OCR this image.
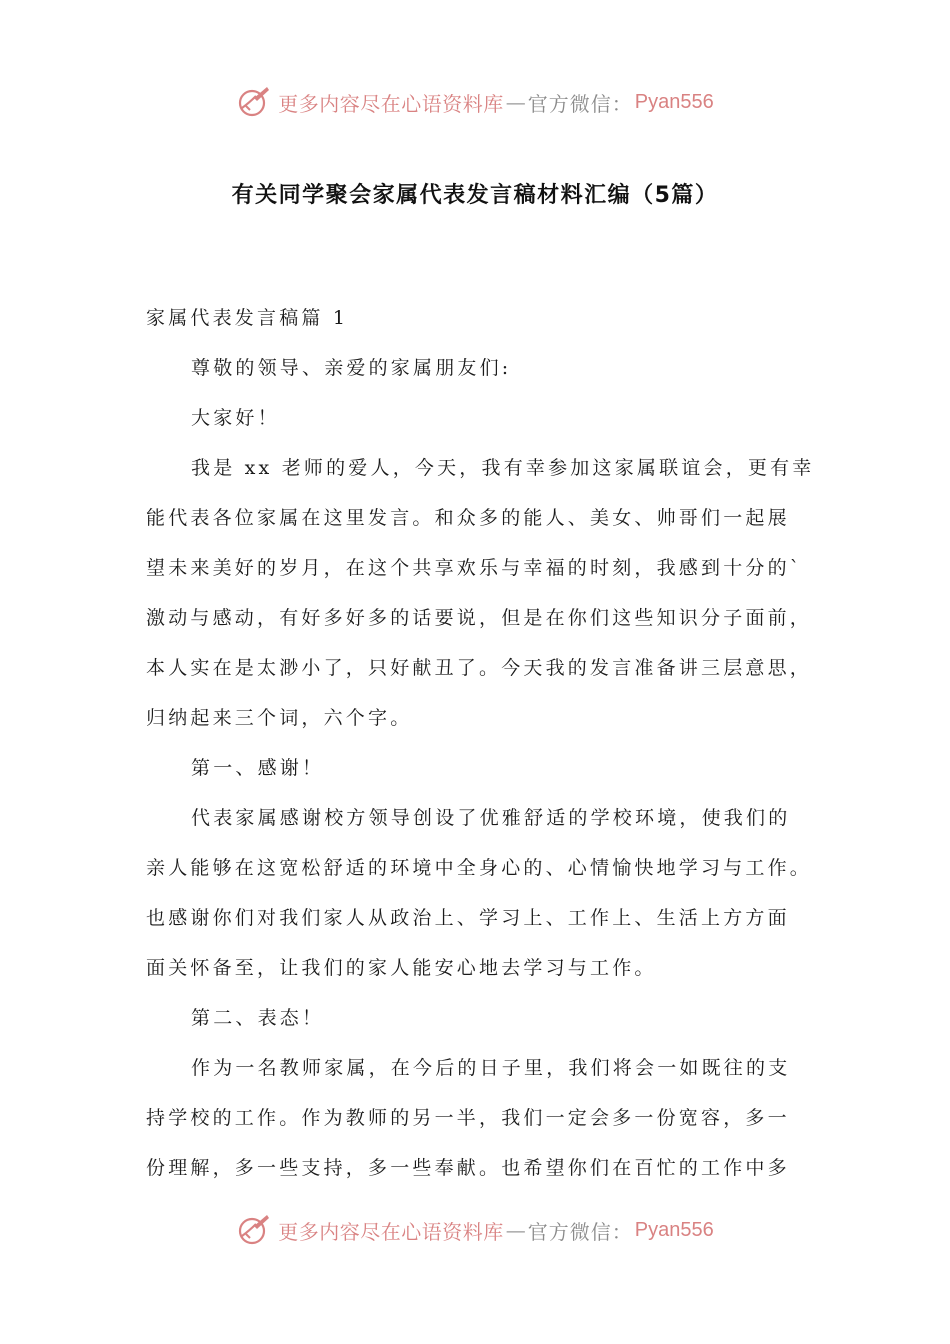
更多内容尽在心语资料库 — 官方微信： Pyan556
有关同学聚会家属代表发言稿材料汇编（5篇）
家属代表发言稿篇 1
尊敬的领导、亲爱的家属朋友们:
大家好！
我是 xx 老师的爱人，今天，我有幸参加这家属联谊会，更有幸
能代表各位家属在这里发言。和众多的能人、美女、帅哥们一起展
望未来美好的岁月，在这个共享欢乐与幸福的时刻，我感到十分的`
激动与感动，有好多好多的话要说，但是在你们这些知识分子面前，
本人实在是太渺小了，只好献丑了。今天我的发言准备讲三层意思，
归纳起来三个词，六个字。
第一、感谢！
代表家属感谢校方领导创设了优雅舒适的学校环境，使我们的
亲人能够在这宽松舒适的环境中全身心的、心情愉快地学习与工作。
也感谢你们对我们家人从政治上、学习上、工作上、生活上方方面
面关怀备至，让我们的家人能安心地去学习与工作。
第二、表态！
作为一名教师家属，在今后的日子里，我们将会一如既往的支
持学校的工作。作为教师的另一半，我们一定会多一份宽容，多一
份理解，多一些支持，多一些奉献。也希望你们在百忙的工作中多
更多内容尽在心语资料库 — 官方微信： Pyan556
